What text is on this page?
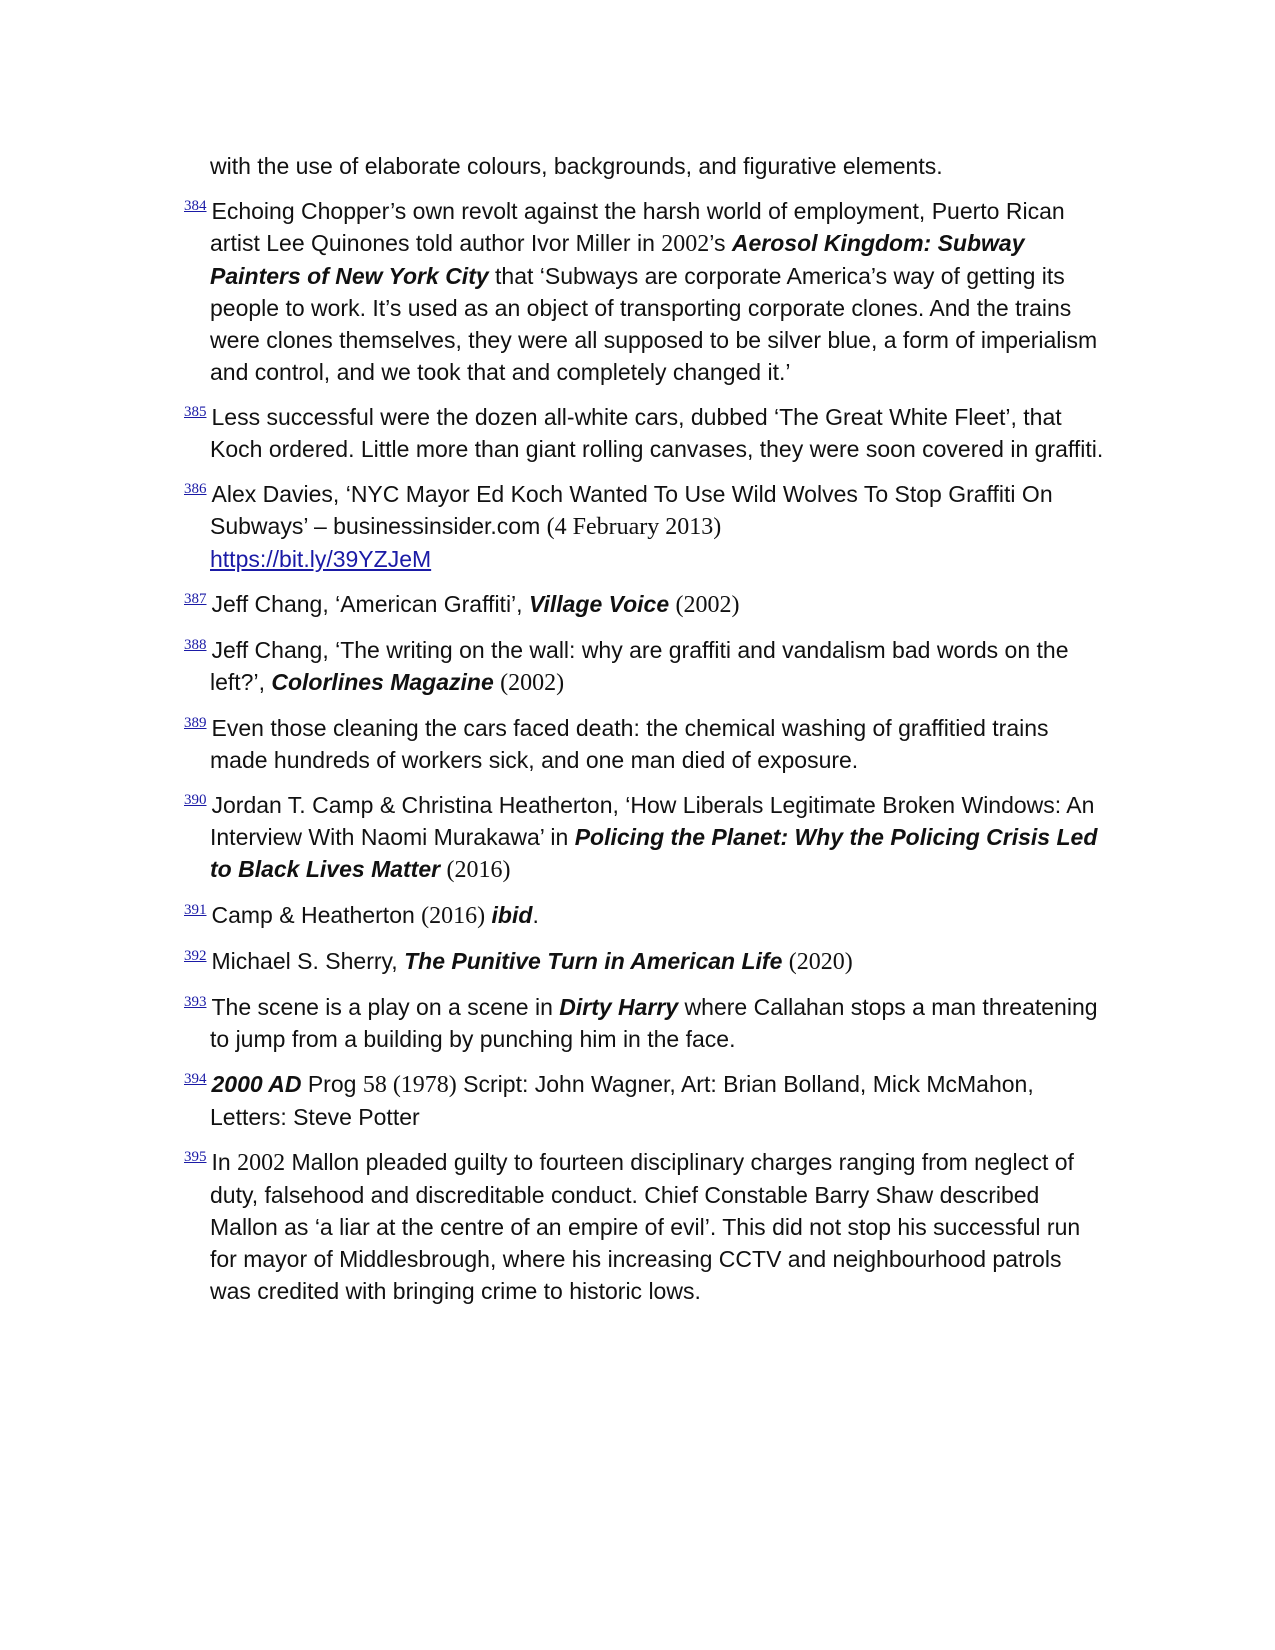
with the use of elaborate colours, backgrounds, and figurative elements.
$^{384}$ Echoing Chopper’s own revolt against the harsh world of employment, Puerto Rican artist Lee Quinones told author Ivor Miller in 2002’s Aerosol Kingdom: Subway Painters of New York City that ‘Subways are corporate America’s way of getting its people to work. It’s used as an object of transporting corporate clones. And the trains were clones themselves, they were all supposed to be silver blue, a form of imperialism and control, and we took that and completely changed it.’
$^{385}$ Less successful were the dozen all-white cars, dubbed ‘The Great White Fleet’, that Koch ordered. Little more than giant rolling canvases, they were soon covered in graffiti.
$^{386}$ Alex Davies, ‘NYC Mayor Ed Koch Wanted To Use Wild Wolves To Stop Graffiti On Subways’ – businessinsider.com (4 February 2013)
https://bit.ly/39YZJeM
$^{387}$ Jeff Chang, ‘American Graffiti’, Village Voice (2002)
$^{388}$ Jeff Chang, ‘The writing on the wall: why are graffiti and vandalism bad words on the left?’, Colorlines Magazine (2002)
$^{389}$ Even those cleaning the cars faced death: the chemical washing of graffitied trains made hundreds of workers sick, and one man died of exposure.
$^{390}$ Jordan T. Camp & Christina Heatherton, ‘How Liberals Legitimate Broken Windows: An Interview With Naomi Murakawa’ in Policing the Planet: Why the Policing Crisis Led to Black Lives Matter (2016)
$^{391}$ Camp & Heatherton (2016) ibid.
$^{392}$ Michael S. Sherry, The Punitive Turn in American Life (2020)
$^{393}$ The scene is a play on a scene in Dirty Harry where Callahan stops a man threatening to jump from a building by punching him in the face.
$^{394}$ 2000 AD Prog 58 (1978) Script: John Wagner, Art: Brian Bolland, Mick McMahon, Letters: Steve Potter
$^{395}$ In 2002 Mallon pleaded guilty to fourteen disciplinary charges ranging from neglect of duty, falsehood and discreditable conduct. Chief Constable Barry Shaw described Mallon as ‘a liar at the centre of an empire of evil’. This did not stop his successful run for mayor of Middlesbrough, where his increasing CCTV and neighbourhood patrols was credited with bringing crime to historic lows.
